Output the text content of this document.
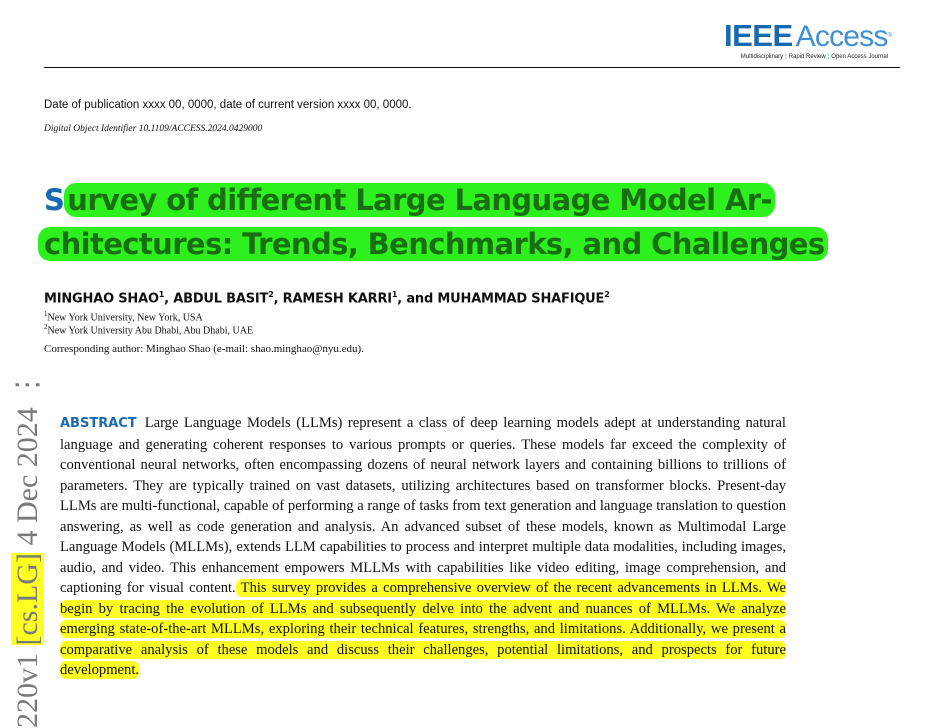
IEEE Access®
Multidisciplinary ¦ Rapid Review ¦ Open Access Journal
Date of publication xxxx 00, 0000, date of current version xxxx 00, 0000.
Digital Object Identifier 10.1109/ACCESS.2024.0429000
S urvey of different Large Language Model Ar-
chitectures: Trends, Benchmarks, and Challenges
MINGHAO SHAO$^1$, ABDUL BASIT$^2$, RAMESH KARRI$^1$, and MUHAMMAD SHAFIQUE$^2$
$^1$New York University, New York, USA
$^2$New York University Abu Dhabi, Abu Dhabi, UAE
Corresponding author: Minghao Shao (e-mail: shao.minghao@nyu.edu).
220v1 [cs.LG] 4 Dec 2024 ⋮
ABSTRACT Large Language Models (LLMs) represent a class of deep learning models adept at understanding natural language and generating coherent responses to various prompts or queries. These models far exceed the complexity of conventional neural networks, often encompassing dozens of neural network layers and containing billions to trillions of parameters. They are typically trained on vast datasets, utilizing architectures based on transformer blocks. Present-day LLMs are multi-functional, capable of performing a range of tasks from text generation and language translation to question answering, as well as code generation and analysis. An advanced subset of these models, known as Multimodal Large Language Models (MLLMs), extends LLM capabilities to process and interpret multiple data modalities, including images, audio, and video. This enhancement empowers MLLMs with capabilities like video editing, image comprehension, and captioning for visual content. This survey provides a comprehensive overview of the recent advancements in LLMs. We begin by tracing the evolution of LLMs and subsequently delve into the advent and nuances of MLLMs. We analyze emerging state-of-the-art MLLMs, exploring their technical features, strengths, and limitations. Additionally, we present a comparative analysis of these models and discuss their challenges, potential limitations, and prospects for future development.
